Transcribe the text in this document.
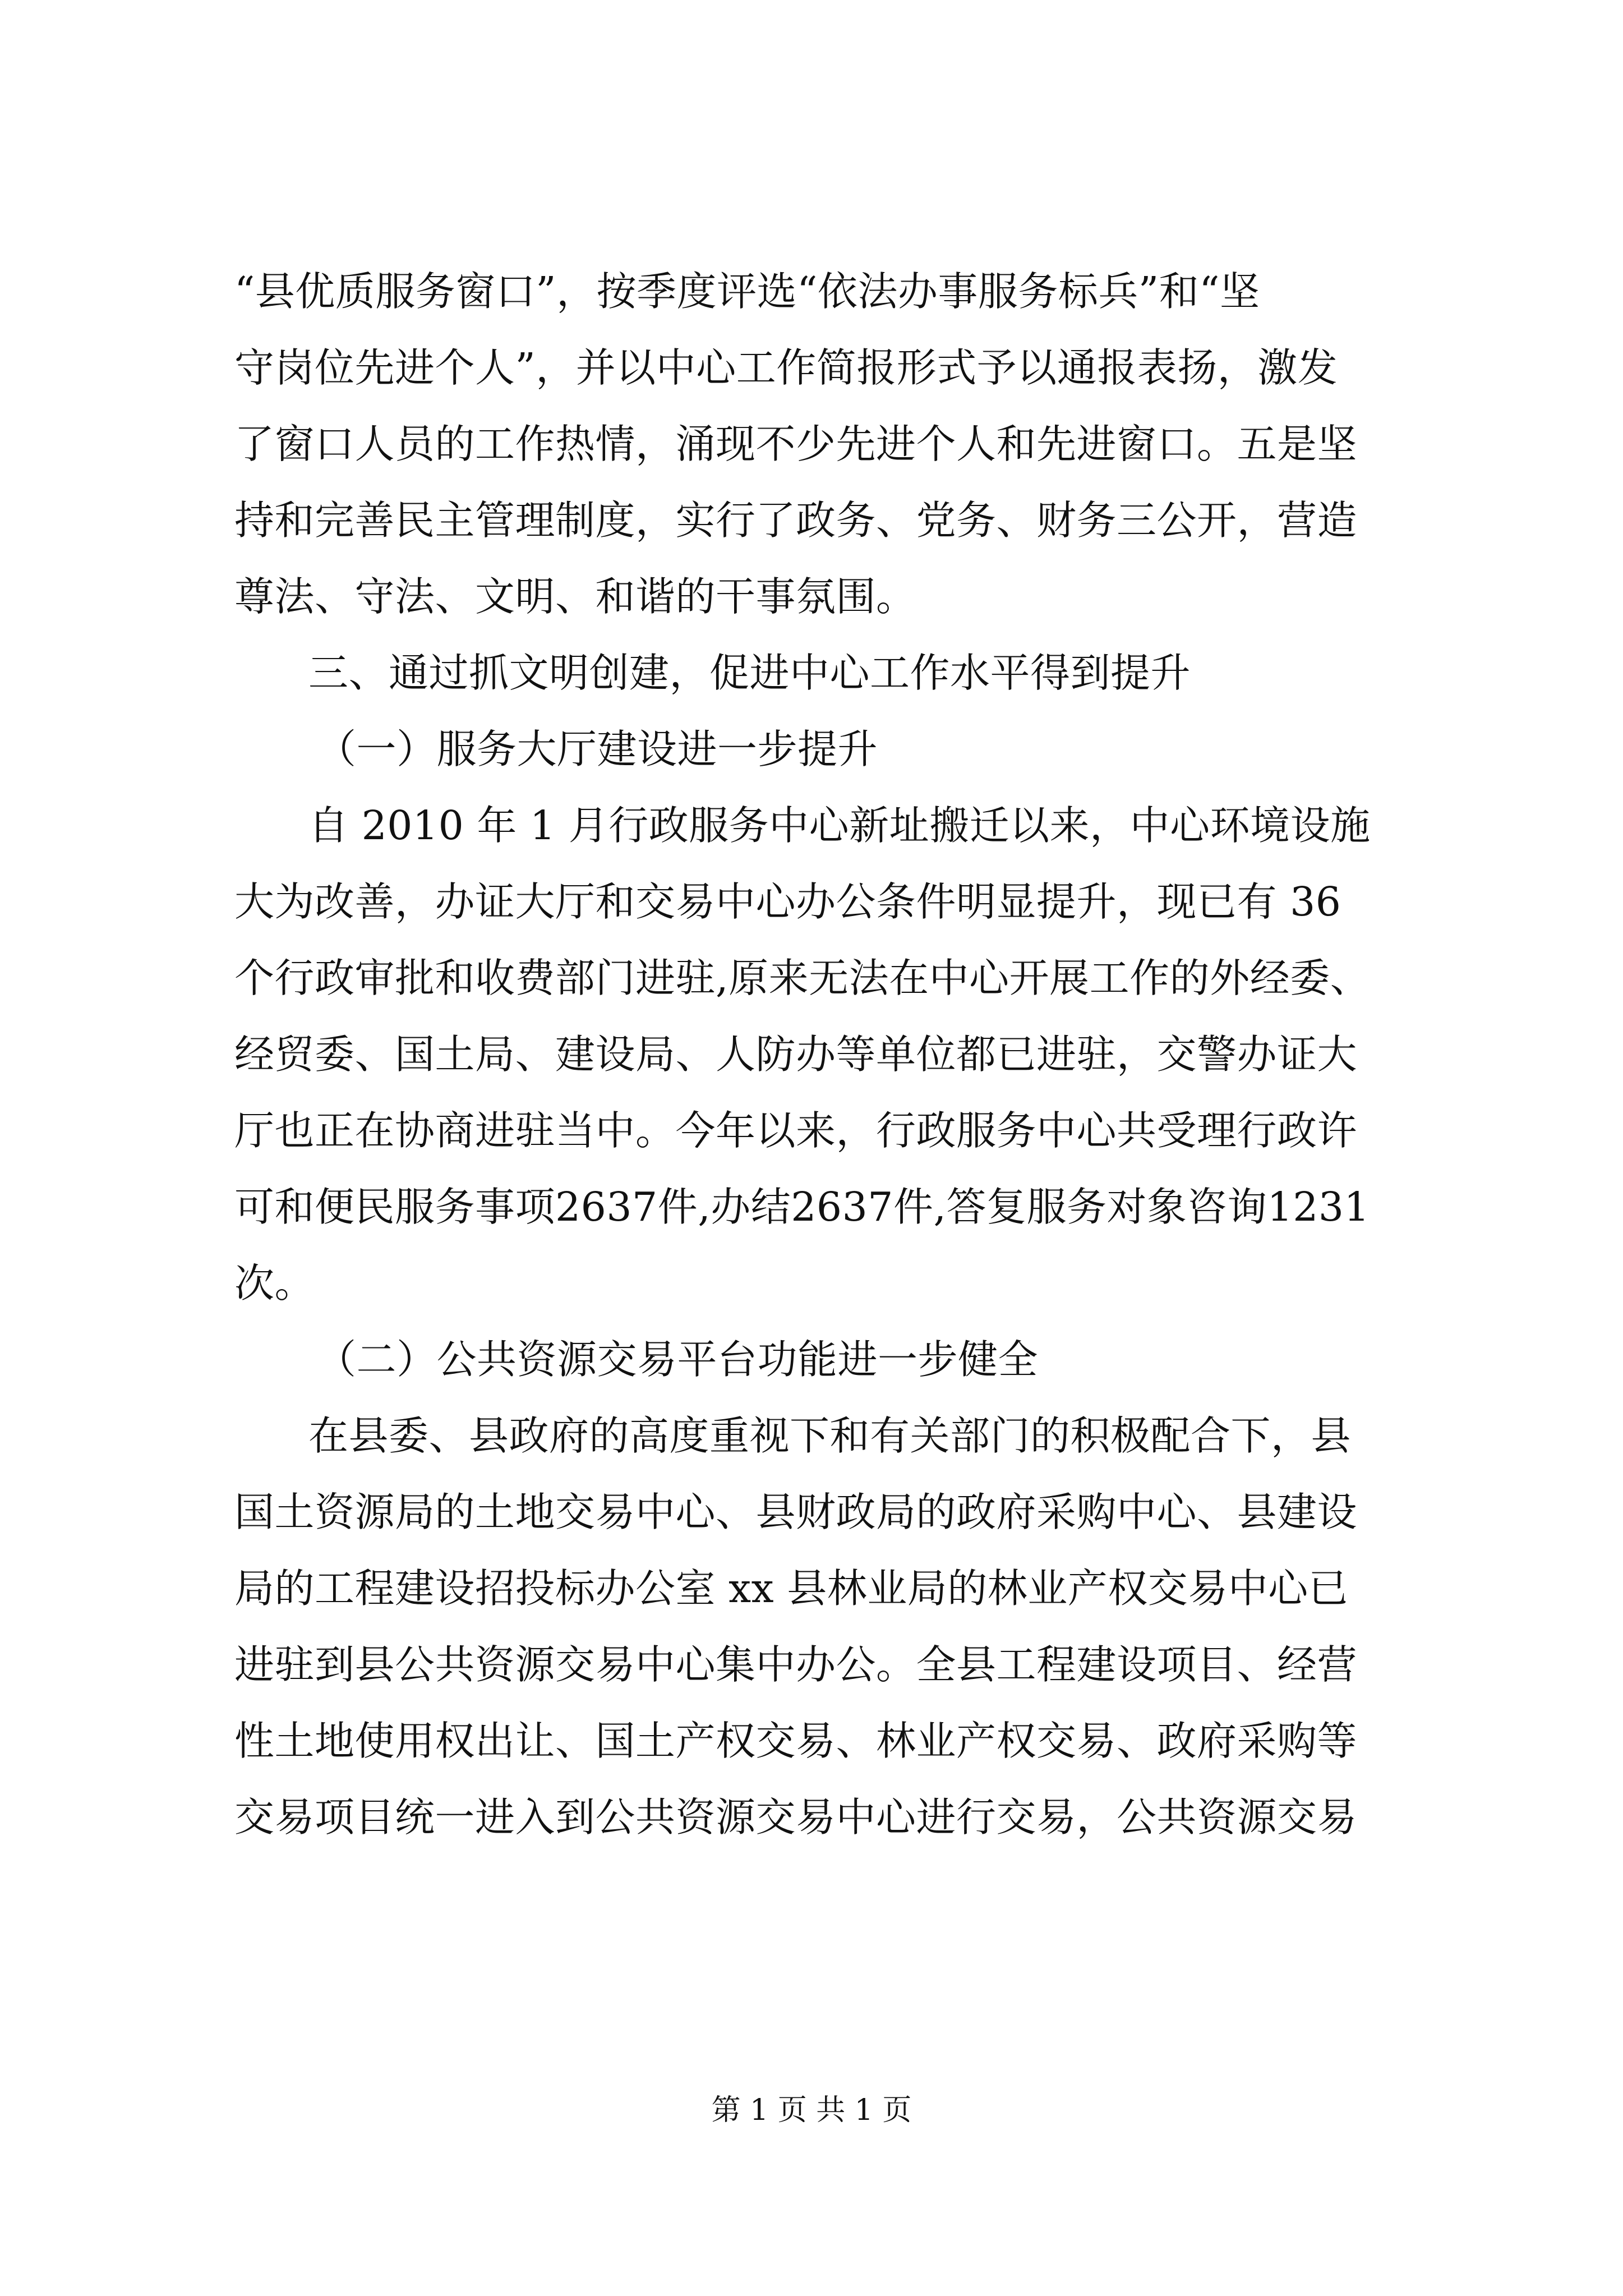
“县优质服务窗口”，按季度评选“依法办事服务标兵”和“坚
守岗位先进个人”，并以中心工作简报形式予以通报表扬，激发
了窗口人员的工作热情，涌现不少先进个人和先进窗口。五是坚
持和完善民主管理制度，实行了政务、党务、财务三公开，营造
尊法、守法、文明、和谐的干事氛围。
三、通过抓文明创建，促进中心工作水平得到提升
（一）服务大厅建设进一步提升
自 2010 年 1 月行政服务中心新址搬迁以来，中心环境设施
大为改善，办证大厅和交易中心办公条件明显提升，现已有 36
个行政审批和收费部门进驻,原来无法在中心开展工作的外经委、
经贸委、国土局、建设局、人防办等单位都已进驻，交警办证大
厅也正在协商进驻当中。今年以来，行政服务中心共受理行政许
可和便民服务事项2637件,办结2637件,答复服务对象咨询1231
次。
（二）公共资源交易平台功能进一步健全
在县委、县政府的高度重视下和有关部门的积极配合下，县
国土资源局的土地交易中心、县财政局的政府采购中心、县建设
局的工程建设招投标办公室 xx 县林业局的林业产权交易中心已
进驻到县公共资源交易中心集中办公。全县工程建设项目、经营
性土地使用权出让、国土产权交易、林业产权交易、政府采购等
交易项目统一进入到公共资源交易中心进行交易，公共资源交易
第 1 页 共 1 页
